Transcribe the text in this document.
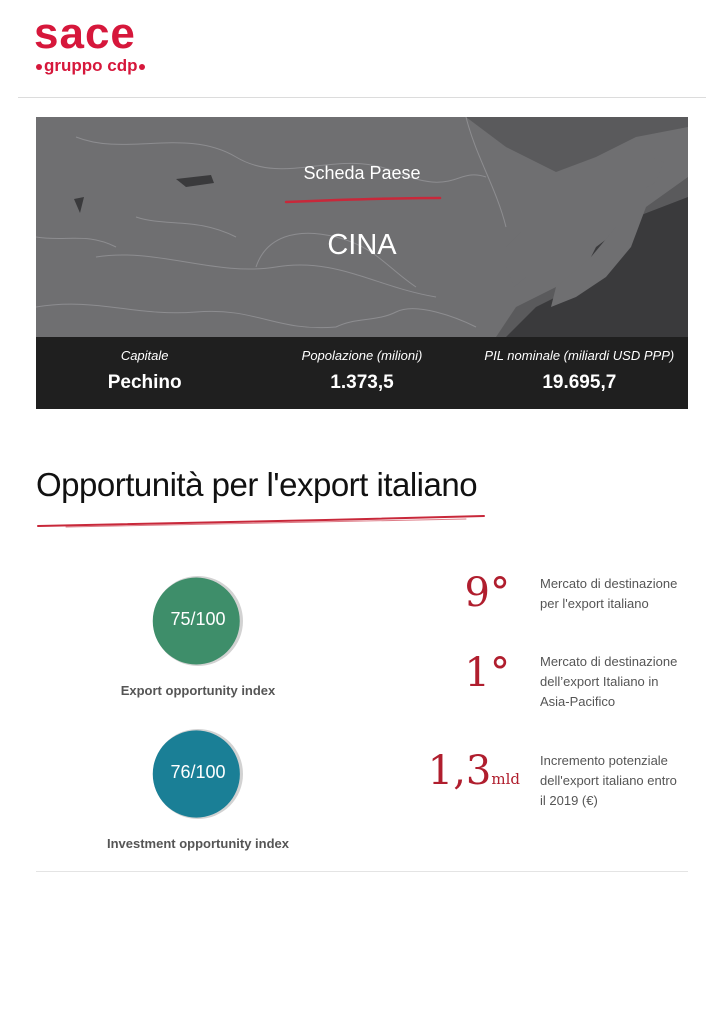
sace
gruppo cdp
Scheda Paese
CINA
Capitale
Pechino
Popolazione (milioni)
1.373,5
PIL nominale (miliardi USD PPP)
19.695,7
Opportunità per l'export italiano
75/100
Export opportunity index
76/100
Investment opportunity index
9° Mercato di destinazione per l'export italiano
1° Mercato di destinazione dell’export Italiano in Asia-Pacifico
1,3mld
Incremento potenziale dell'export italiano entro il 2019 (€)
